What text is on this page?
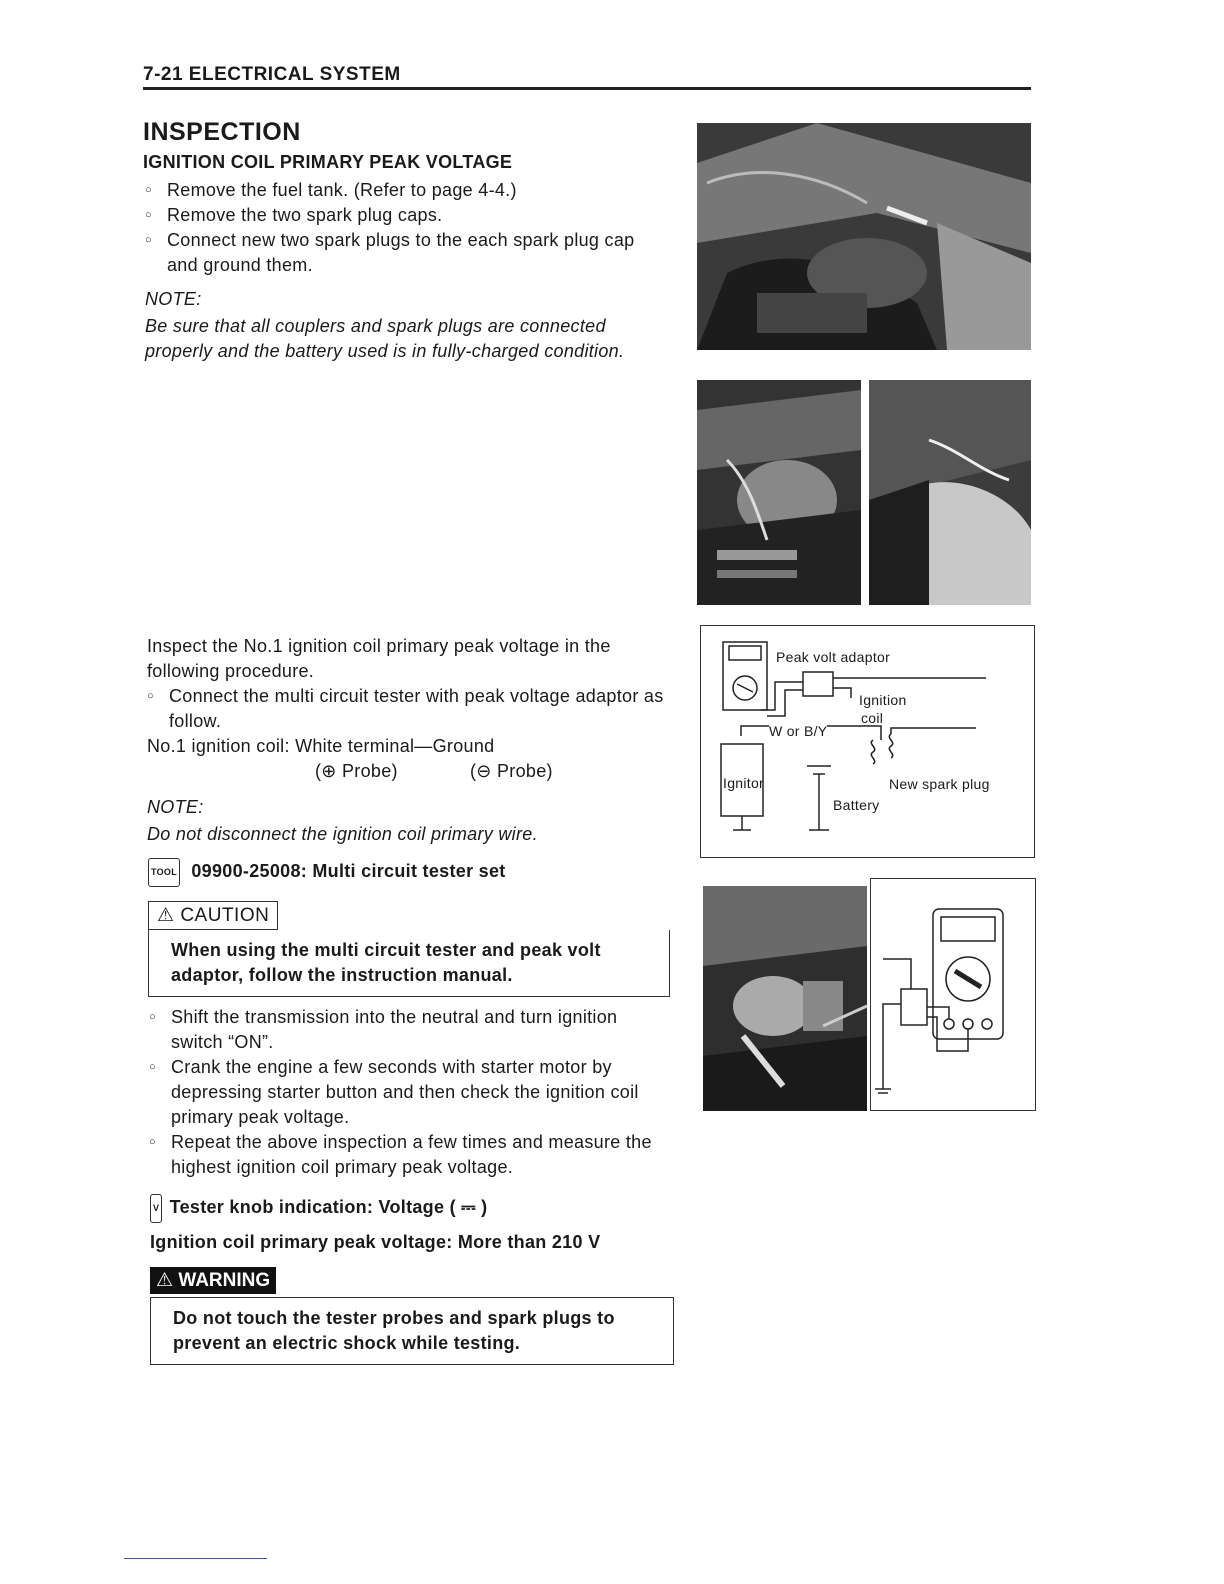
7-21 ELECTRICAL SYSTEM
INSPECTION
IGNITION COIL PRIMARY PEAK VOLTAGE
○ Remove the fuel tank. (Refer to page 4-4.)
○ Remove the two spark plug caps.
○ Connect new two spark plugs to the each spark plug cap and ground them.
NOTE:
Be sure that all couplers and spark plugs are connected properly and the battery used is in fully-charged condition.
Inspect the No.1 ignition coil primary peak voltage in the following procedure.
○ Connect the multi circuit tester with peak voltage adaptor as follow.
No.1 ignition coil: White terminal—Ground
(⊕ Probe)	(⊖ Probe)
NOTE:
Do not disconnect the ignition coil primary wire.
TOOL 09900-25008: Multi circuit tester set
⚠ CAUTION
When using the multi circuit tester and peak volt adaptor, follow the instruction manual.
○ Shift the transmission into the neutral and turn ignition switch “ON”.
○ Crank the engine a few seconds with starter motor by depressing starter button and then check the ignition coil primary peak voltage.
○ Repeat the above inspection a few times and measure the highest ignition coil primary peak voltage.
V Tester knob indication: Voltage ( ⎓ )
Ignition coil primary peak voltage: More than 210 V
⚠ WARNING
Do not touch the tester probes and spark plugs to prevent an electric shock while testing.
Peak volt adaptor
Ignition
coil
W or B/Y
Ignitor	New spark plug
Battery
